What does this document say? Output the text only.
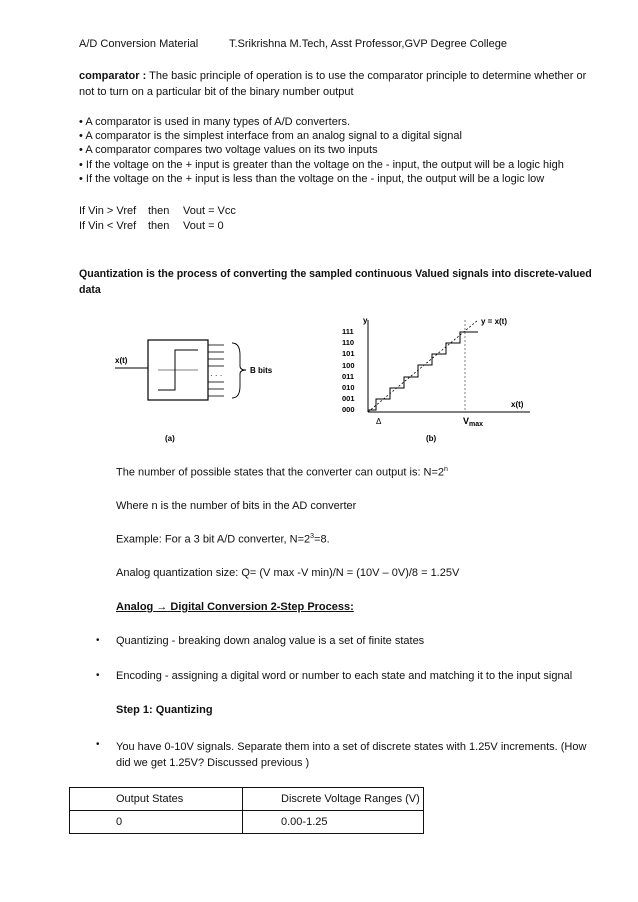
A/D Conversion Material	T.Srikrishna M.Tech, Asst Professor,GVP Degree College
comparator : The basic principle of operation is to use the comparator principle to determine whether or
not to turn on a particular bit of the binary number output
• A comparator is used in many types of A/D converters.
• A comparator is the simplest interface from an analog signal to a digital signal
• A comparator compares two voltage values on its two inputs
• If the voltage on the + input is greater than the voltage on the - input, the output will be a logic high
• If the voltage on the + input is less than the voltage on the - input, the output will be a logic low
If Vin > Vref then Vout = Vcc
If Vin < Vref then Vout = 0
Quantization is the process of converting the sampled continuous Valued signals into discrete-valued
data
x(t)
· · ·
B bits
(a)
y
111
110
101
100
011
010
001
000
y = x(t)
x(t)
Δ	$V_{max}$
(b)
The number of possible states that the converter can output is: $N=2^n$
Where n is the number of bits in the AD converter
Example: For a 3 bit A/D converter, $N=2^3=8$.
Analog quantization size: Q= (V max -V min)/N = (10V – 0V)/8 = 1.25V
Analog → Digital Conversion 2-Step Process:
• Quantizing - breaking down analog value is a set of finite states
• Encoding - assigning a digital word or number to each state and matching it to the input signal
Step 1: Quantizing
• You have 0-10V signals. Separate them into a set of discrete states with 1.25V increments. (How
did we get 1.25V? Discussed previous )
Output States	Discrete Voltage Ranges (V)
0	0.00-1.25
